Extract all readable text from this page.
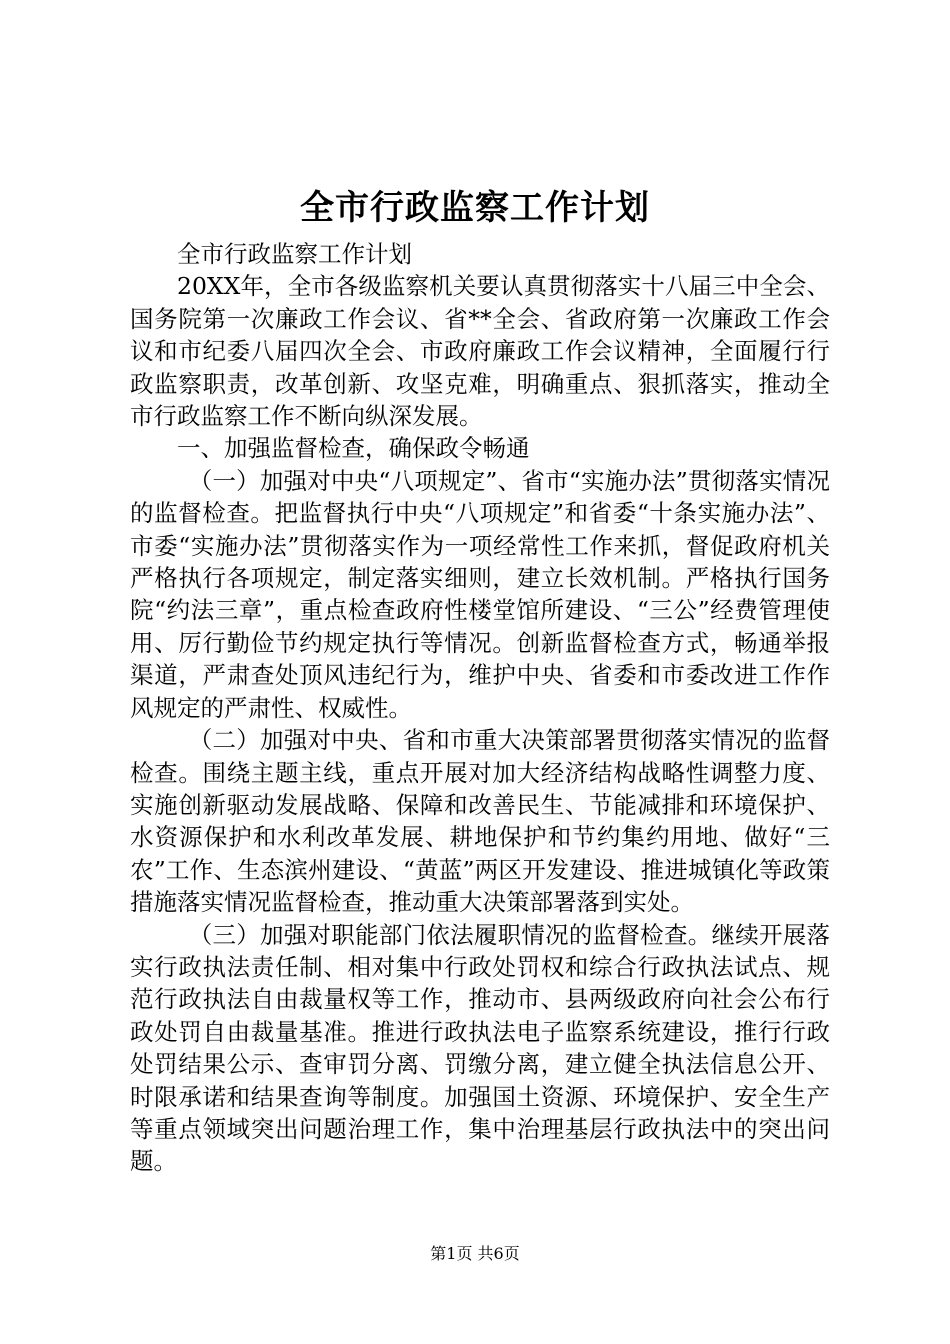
全市行政监察工作计划

全市行政监察工作计划

20XX年，全市各级监察机关要认真贯彻落实十八届三中全会、国务院第一次廉政工作会议、省**全会、省政府第一次廉政工作会议和市纪委八届四次全会、市政府廉政工作会议精神，全面履行行政监察职责，改革创新、攻坚克难，明确重点、狠抓落实，推动全市行政监察工作不断向纵深发展。

一、加强监督检查，确保政令畅通

（一）加强对中央“八项规定”、省市“实施办法”贯彻落实情况的监督检查。把监督执行中央“八项规定”和省委“十条实施办法”、市委“实施办法”贯彻落实作为一项经常性工作来抓，督促政府机关严格执行各项规定，制定落实细则，建立长效机制。严格执行国务院“约法三章”，重点检查政府性楼堂馆所建设、“三公”经费管理使用、厉行勤俭节约规定执行等情况。创新监督检查方式，畅通举报渠道，严肃查处顶风违纪行为，维护中央、省委和市委改进工作作风规定的严肃性、权威性。

（二）加强对中央、省和市重大决策部署贯彻落实情况的监督检查。围绕主题主线，重点开展对加大经济结构战略性调整力度、实施创新驱动发展战略、保障和改善民生、节能减排和环境保护、水资源保护和水利改革发展、耕地保护和节约集约用地、做好“三农”工作、生态滨州建设、“黄蓝”两区开发建设、推进城镇化等政策措施落实情况监督检查，推动重大决策部署落到实处。

（三）加强对职能部门依法履职情况的监督检查。继续开展落实行政执法责任制、相对集中行政处罚权和综合行政执法试点、规范行政执法自由裁量权等工作，推动市、县两级政府向社会公布行政处罚自由裁量基准。推进行政执法电子监察系统建设，推行行政处罚结果公示、查审罚分离、罚缴分离，建立健全执法信息公开、时限承诺和结果查询等制度。加强国土资源、环境保护、安全生产等重点领域突出问题治理工作，集中治理基层行政执法中的突出问题。

第1页 共6页
